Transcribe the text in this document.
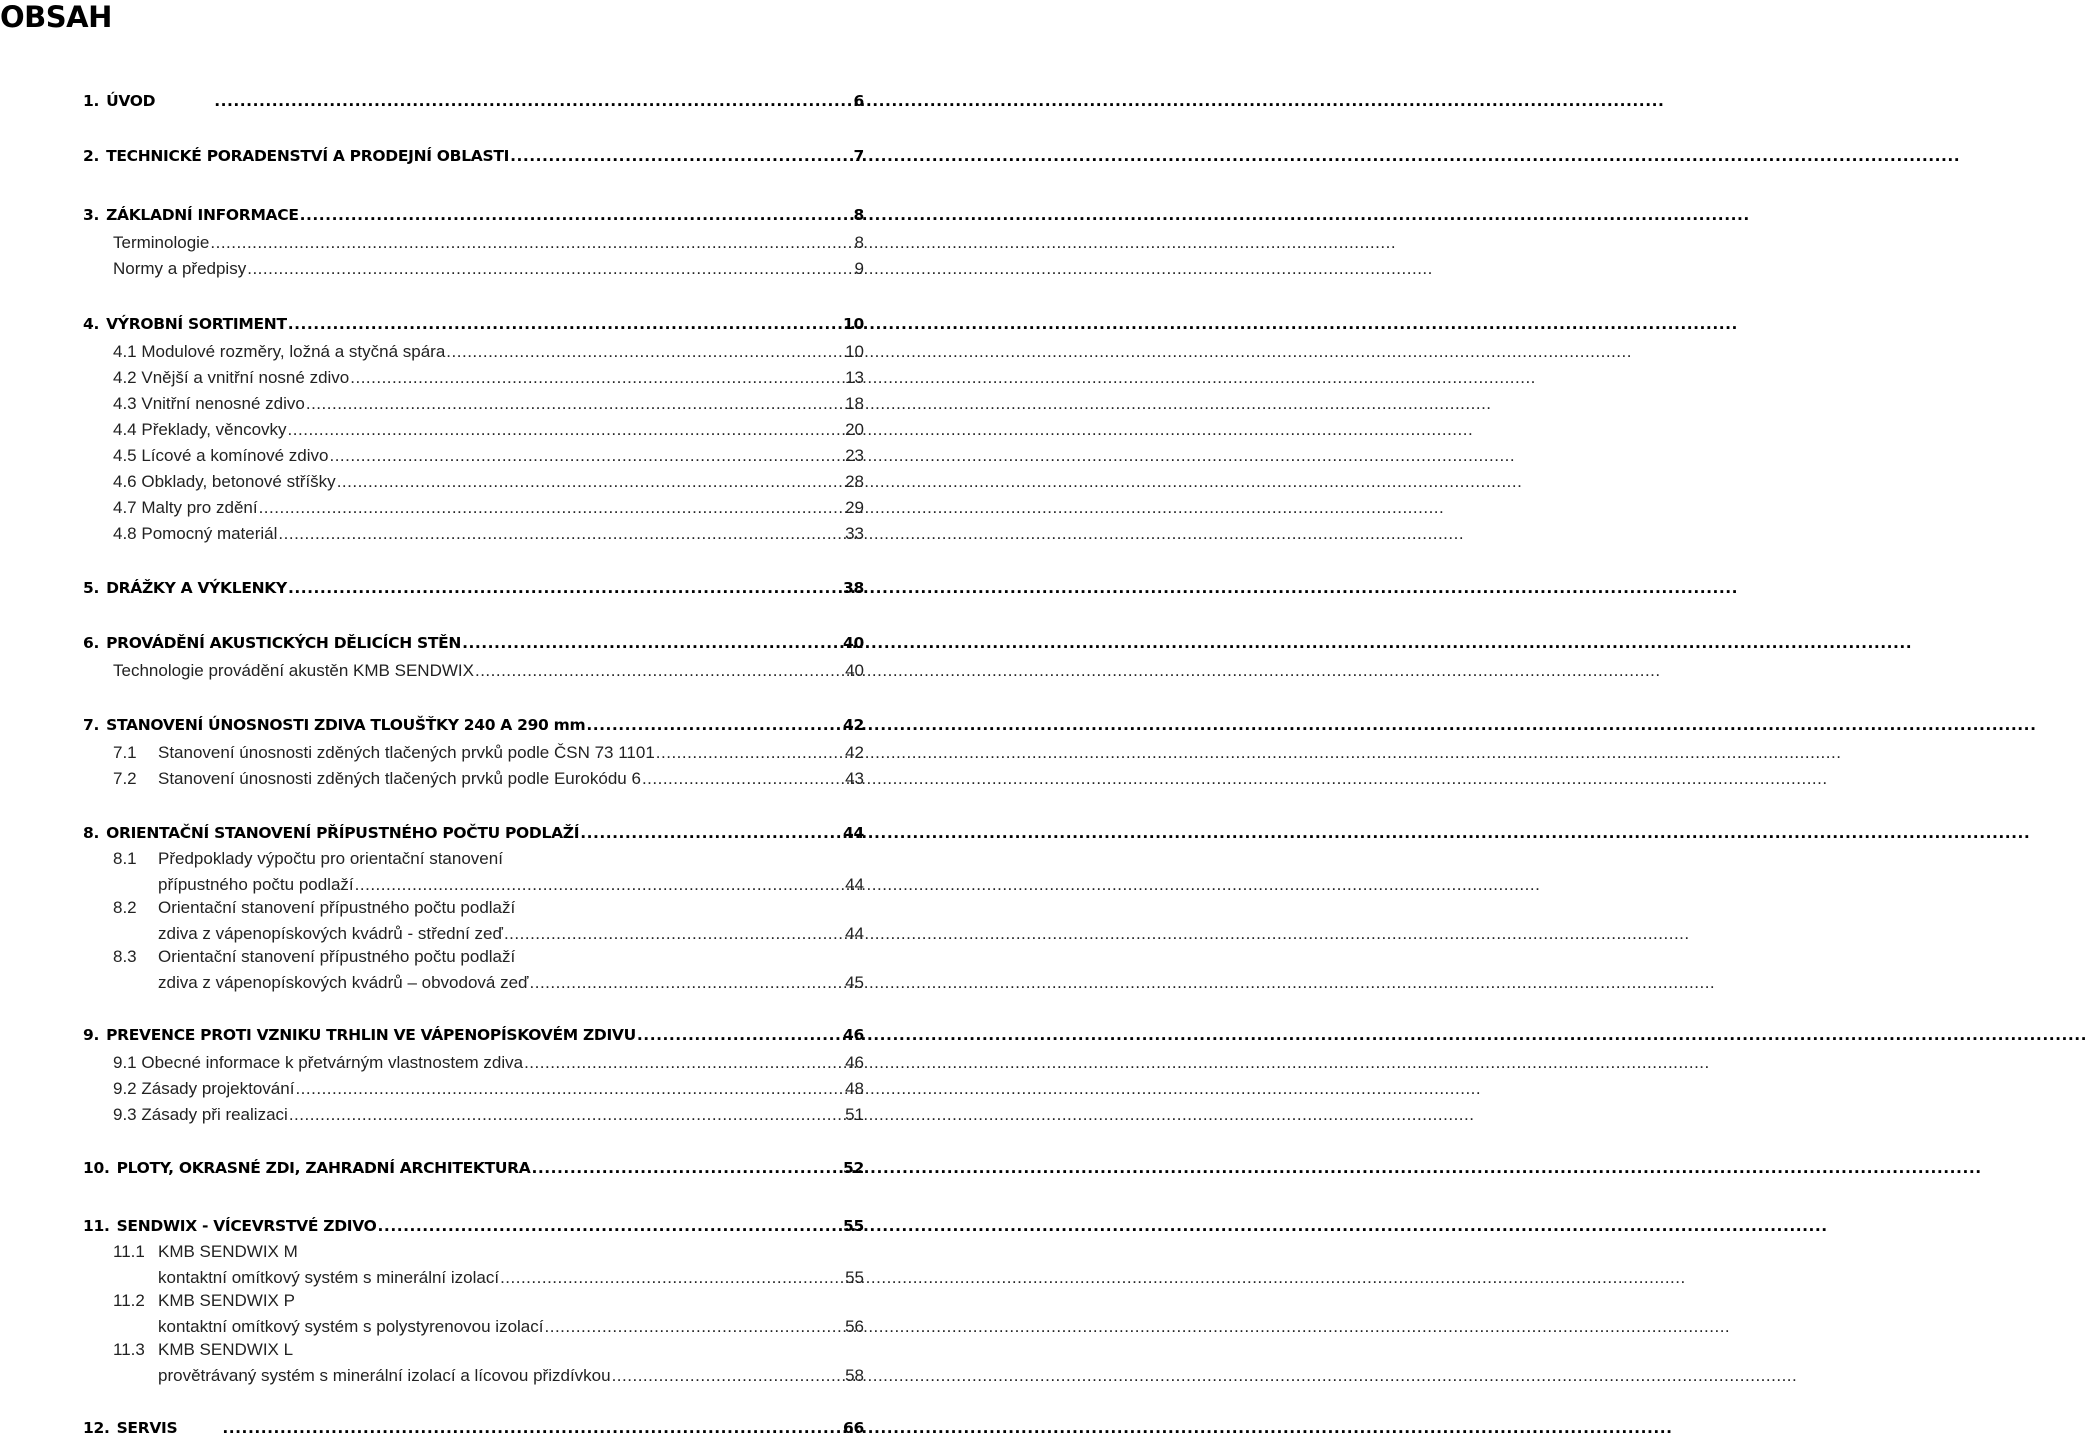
OBSAH
1. ÚVOD .....	6
2. TECHNICKÉ PORADENSTVÍ A PRODEJNÍ OBLASTI .....	7
3. ZÁKLADNÍ INFORMACE .....	8
Terminologie .....	8
Normy a předpisy .....	9
4. VÝROBNÍ SORTIMENT .....	10
4.1 Modulové rozměry, ložná a styčná spára .....	10
4.2 Vnější a vnitřní nosné zdivo .....	13
4.3 Vnitřní nenosné zdivo .....	18
4.4 Překlady, věncovky .....	20
4.5 Lícové a komínové zdivo .....	23
4.6 Obklady, betonové stříšky .....	28
4.7 Malty pro zdění .....	29
4.8 Pomocný materiál .....	33
5. DRÁŽKY A VÝKLENKY .....	38
6. PROVÁDĚNÍ AKUSTICKÝCH DĚLICÍCH STĚN .....	40
Technologie provádění akustěn KMB SENDWIX .....	40
7. STANOVENÍ ÚNOSNOSTI ZDIVA TLOUŠŤKY 240 A 290 mm .....	42
7.1	Stanovení únosnosti zděných tlačených prvků podle ČSN 73 1101 .....	42
7.2	Stanovení únosnosti zděných tlačených prvků podle Eurokódu 6 .....	43
8. ORIENTAČNÍ STANOVENÍ PŘÍPUSTNÉHO POČTU PODLAŽÍ .....	44
8.1	Předpoklady výpočtu pro orientační stanovení
přípustného počtu podlaží .....	44
8.2	Orientační stanovení přípustného počtu podlaží
zdiva z vápenopískových kvádrů - střední zeď .....	44
8.3	Orientační stanovení přípustného počtu podlaží
zdiva z vápenopískových kvádrů – obvodová zeď .....	45
9. PREVENCE PROTI VZNIKU TRHLIN VE VÁPENOPÍSKOVÉM ZDIVU .....	46
9.1 Obecné informace k přetvárným vlastnostem zdiva .....	46
9.2 Zásady projektování .....	48
9.3 Zásady při realizaci .....	51
10. PLOTY, OKRASNÉ ZDI, ZAHRADNÍ ARCHITEKTURA .....	52
11. SENDWIX - VÍCEVRSTVÉ ZDIVO .....	55
11.1 KMB SENDWIX M
kontaktní omítkový systém s minerální izolací .....	55
11.2 KMB SENDWIX P
kontaktní omítkový systém s polystyrenovou izolací .....	56
11.3 KMB SENDWIX L
provětrávaný systém s minerální izolací a lícovou přizdívkou .....	58
12. SERVIS .....	66
